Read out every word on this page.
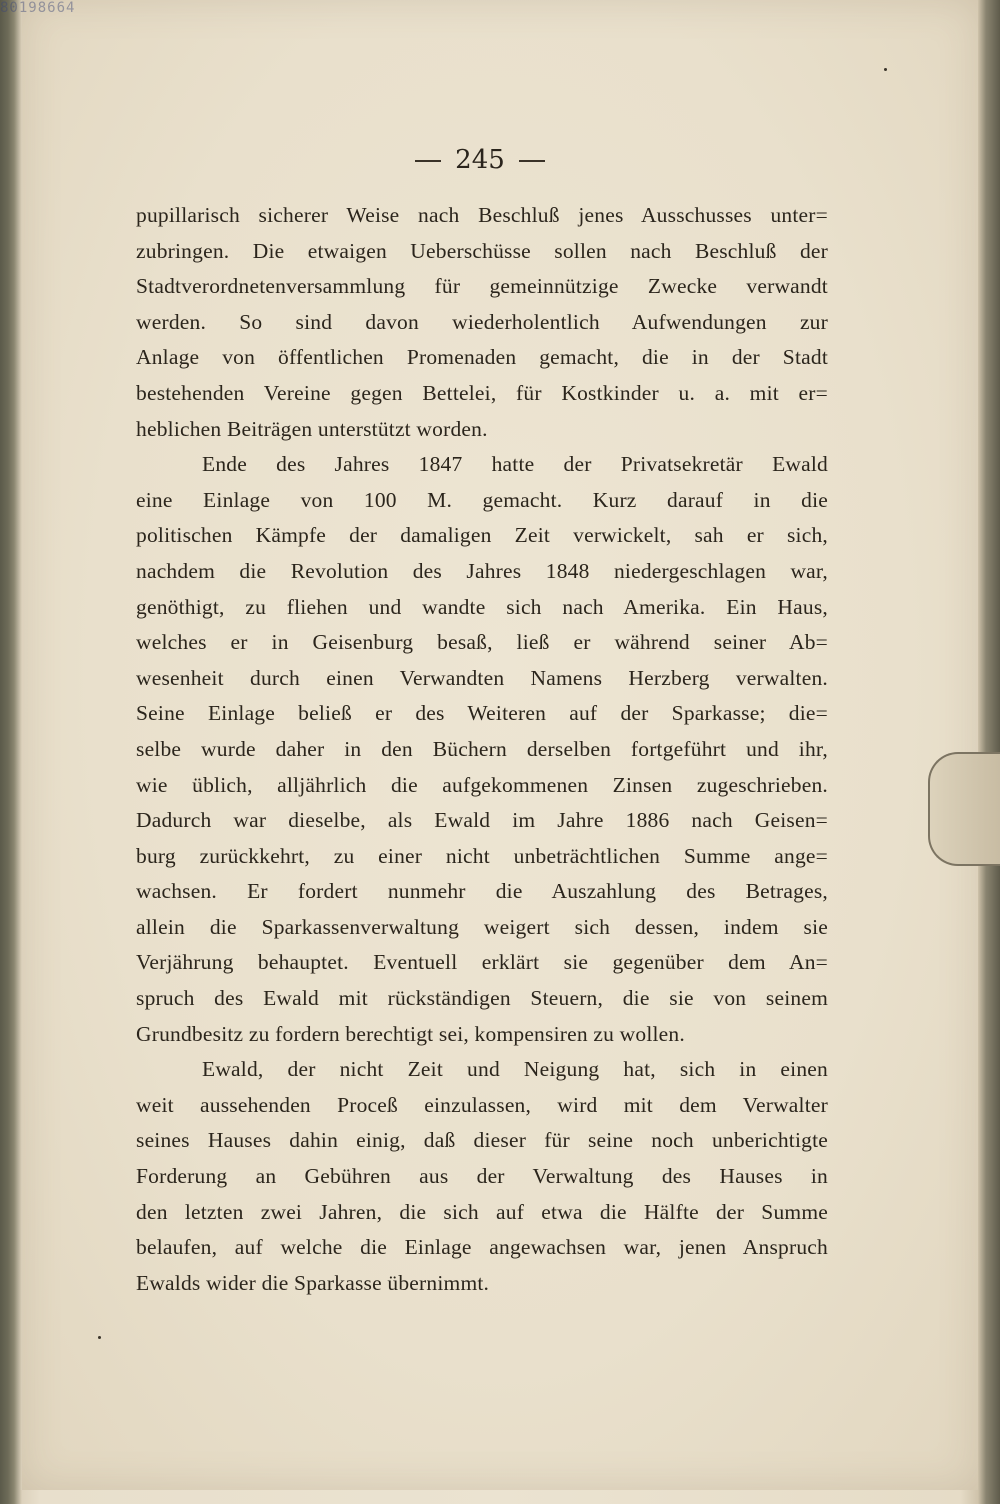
80198664
245
pupillarisch sicherer Weise nach Beschluß jenes Ausschusses unter=
zubringen. Die etwaigen Ueberschüsse sollen nach Beschluß der
Stadtverordnetenversammlung für gemeinnützige Zwecke verwandt
werden. So sind davon wiederholentlich Aufwendungen zur
Anlage von öffentlichen Promenaden gemacht, die in der Stadt
bestehenden Vereine gegen Bettelei, für Kostkinder u. a. mit er=
heblichen Beiträgen unterstützt worden.
Ende des Jahres 1847 hatte der Privatsekretär Ewald
eine Einlage von 100 M. gemacht. Kurz darauf in die
politischen Kämpfe der damaligen Zeit verwickelt, sah er sich,
nachdem die Revolution des Jahres 1848 niedergeschlagen war,
genöthigt, zu fliehen und wandte sich nach Amerika. Ein Haus,
welches er in Geisenburg besaß, ließ er während seiner Ab=
wesenheit durch einen Verwandten Namens Herzberg verwalten.
Seine Einlage beließ er des Weiteren auf der Sparkasse; die=
selbe wurde daher in den Büchern derselben fortgeführt und ihr,
wie üblich, alljährlich die aufgekommenen Zinsen zugeschrieben.
Dadurch war dieselbe, als Ewald im Jahre 1886 nach Geisen=
burg zurückkehrt, zu einer nicht unbeträchtlichen Summe ange=
wachsen. Er fordert nunmehr die Auszahlung des Betrages,
allein die Sparkassenverwaltung weigert sich dessen, indem sie
Verjährung behauptet. Eventuell erklärt sie gegenüber dem An=
spruch des Ewald mit rückständigen Steuern, die sie von seinem
Grundbesitz zu fordern berechtigt sei, kompensiren zu wollen.
Ewald, der nicht Zeit und Neigung hat, sich in einen
weit aussehenden Proceß einzulassen, wird mit dem Verwalter
seines Hauses dahin einig, daß dieser für seine noch unberichtigte
Forderung an Gebühren aus der Verwaltung des Hauses in
den letzten zwei Jahren, die sich auf etwa die Hälfte der Summe
belaufen, auf welche die Einlage angewachsen war, jenen Anspruch
Ewalds wider die Sparkasse übernimmt.
